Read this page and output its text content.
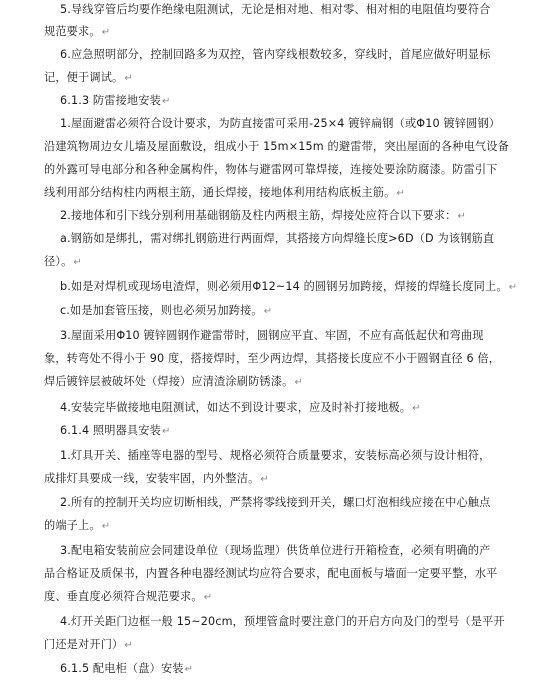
5.导线穿管后均要作绝缘电阻测试，无论是相对地、相对零、相对相的电阻值均要符合
规范要求。↵
6.应急照明部分，控制回路多为双控，管内穿线根数较多，穿线时，首尾应做好明显标
记，便于调试。↵
6.1.3 防雷接地安装↵
1.屋面避雷必须符合设计要求，为防直接雷可采用-25×4 镀锌扁钢（或Φ10 镀锌圆钢）
沿建筑物周边女儿墙及屋面敷设，组成小于 15m×15m 的避雷带，突出屋面的各种电气设备
的外露可导电部分和各种金属构件，物体与避雷网可靠焊接，连接处要涂防腐漆。防雷引下
线利用部分结构柱内两根主筋，通长焊接，接地体利用结构底板主筋。↵
2.接地体和引下线分别利用基础钢筋及柱内两根主筋，焊接处应符合以下要求：↵
a.钢筋如是绑扎，需对绑扎钢筋进行两面焊，其搭接方向焊缝长度>6D（D 为该钢筋直
径）。↵
b.如是对焊机或现场电渣焊，则必须用Φ12~14 的圆钢另加跨接，焊接的焊缝长度同上。↵
c.如是加套管压接，则也必须另加跨接。↵
3.屋面采用Φ10 镀锌圆钢作避雷带时，圆钢应平直、牢固，不应有高低起伏和弯曲现
象，转弯处不得小于 90 度，搭接焊时，至少两边焊，其搭接长度应不小于圆钢直径 6 倍，
焊后镀锌层被破坏处（焊接）应清渣涂刷防锈漆。↵
4.安装完毕做接地电阻测试，如达不到设计要求，应及时补打接地极。↵
6.1.4 照明器具安装↵
1.灯具开关、插座等电器的型号、规格必须符合质量要求，安装标高必须与设计相符，
成排灯具要成一线，安装牢固，内外整洁。↵
2.所有的控制开关均应切断相线，严禁将零线接到开关，螺口灯泡相线应接在中心触点
的端子上。↵
3.配电箱安装前应会同建设单位（现场监理）供货单位进行开箱检查，必须有明确的产
品合格证及质保书，内置各种电器经测试均应符合要求，配电面板与墙面一定要平整，水平
度、垂直度必须符合规范要求。↵
4.灯开关距门边框一般 15~20cm，预埋管盒时要注意门的开启方向及门的型号（是平开
门还是对开门）↵
6.1.5 配电柜（盘）安装↵
